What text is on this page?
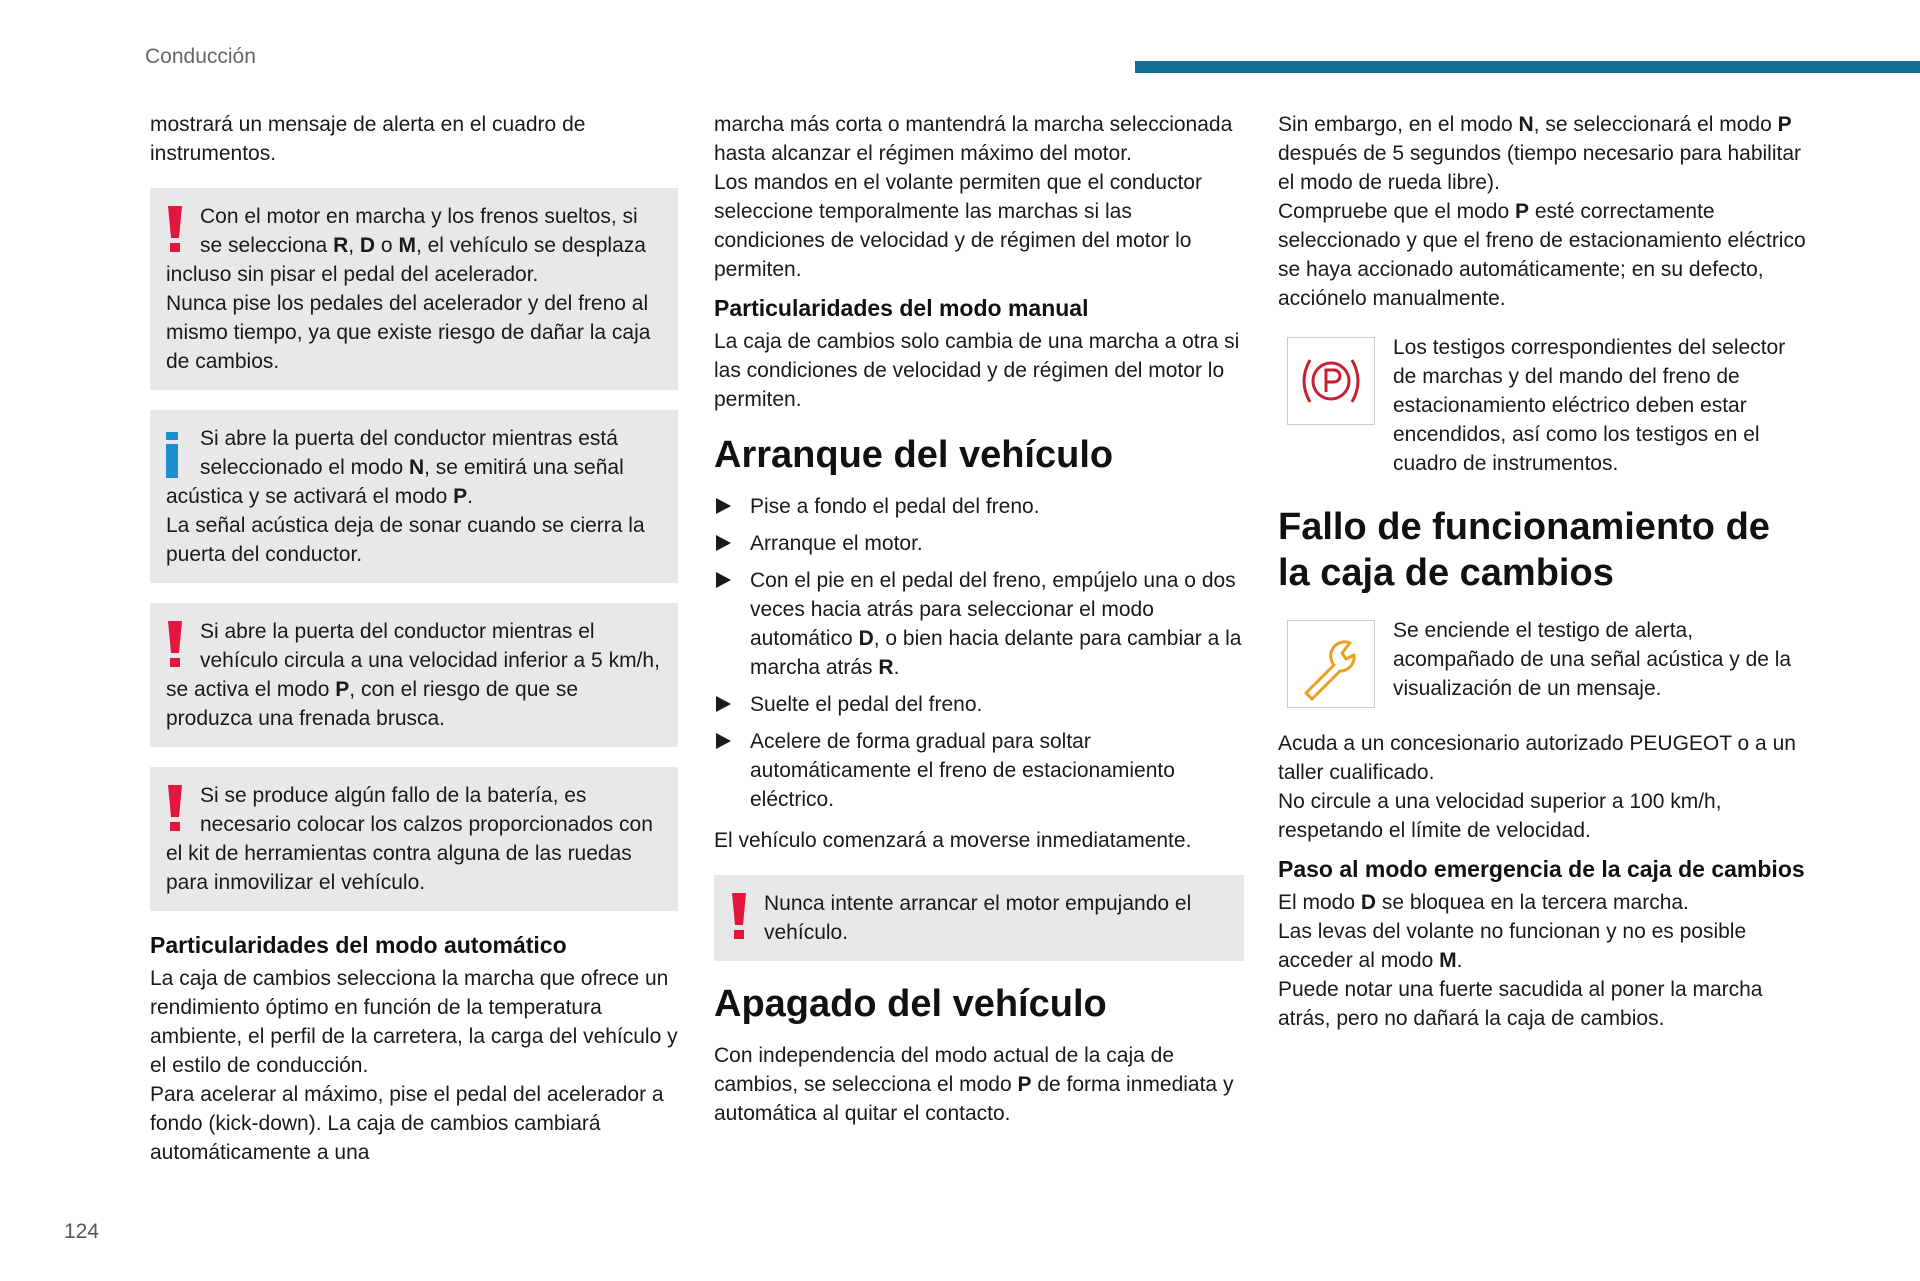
Conducción

mostrará un mensaje de alerta en el cuadro de instrumentos.

Con el motor en marcha y los frenos sueltos, si se selecciona R, D o M, el vehículo se desplaza incluso sin pisar el pedal del acelerador.

Nunca pise los pedales del acelerador y del freno al mismo tiempo, ya que existe riesgo de dañar la caja de cambios.

Si abre la puerta del conductor mientras está seleccionado el modo N, se emitirá una señal acústica y se activará el modo P.

La señal acústica deja de sonar cuando se cierra la puerta del conductor.

Si abre la puerta del conductor mientras el vehículo circula a una velocidad inferior a 5 km/h, se activa el modo P, con el riesgo de que se produzca una frenada brusca.

Si se produce algún fallo de la batería, es necesario colocar los calzos proporcionados con el kit de herramientas contra alguna de las ruedas para inmovilizar el vehículo.

Particularidades del modo automático

La caja de cambios selecciona la marcha que ofrece un rendimiento óptimo en función de la temperatura ambiente, el perfil de la carretera, la carga del vehículo y el estilo de conducción.

Para acelerar al máximo, pise el pedal del acelerador a fondo (kick-down). La caja de cambios cambiará automáticamente a una

marcha más corta o mantendrá la marcha seleccionada hasta alcanzar el régimen máximo del motor.

Los mandos en el volante permiten que el conductor seleccione temporalmente las marchas si las condiciones de velocidad y de régimen del motor lo permiten.

Particularidades del modo manual

La caja de cambios solo cambia de una marcha a otra si las condiciones de velocidad y de régimen del motor lo permiten.

Arranque del vehículo
Pise a fondo el pedal del freno.
Arranque el motor.
Con el pie en el pedal del freno, empújelo una o dos veces hacia atrás para seleccionar el modo automático D, o bien hacia delante para cambiar a la marcha atrás R.
Suelte el pedal del freno.
Acelere de forma gradual para soltar automáticamente el freno de estacionamiento eléctrico.

El vehículo comenzará a moverse inmediatamente.

Nunca intente arrancar el motor empujando el vehículo.

Apagado del vehículo

Con independencia del modo actual de la caja de cambios, se selecciona el modo P de forma inmediata y automática al quitar el contacto.

Sin embargo, en el modo N, se seleccionará el modo P después de 5 segundos (tiempo necesario para habilitar el modo de rueda libre).

Compruebe que el modo P esté correctamente seleccionado y que el freno de estacionamiento eléctrico se haya accionado automáticamente; en su defecto, acciónelo manualmente.

Los testigos correspondientes del selector de marchas y del mando del freno de estacionamiento eléctrico deben estar encendidos, así como los testigos en el cuadro de instrumentos.

Fallo de funcionamiento de la caja de cambios

Se enciende el testigo de alerta, acompañado de una señal acústica y de la visualización de un mensaje.

Acuda a un concesionario autorizado PEUGEOT o a un taller cualificado.

No circule a una velocidad superior a 100 km/h, respetando el límite de velocidad.

Paso al modo emergencia de la caja de cambios

El modo D se bloquea en la tercera marcha.

Las levas del volante no funcionan y no es posible acceder al modo M.

Puede notar una fuerte sacudida al poner la marcha atrás, pero no dañará la caja de cambios.

124
